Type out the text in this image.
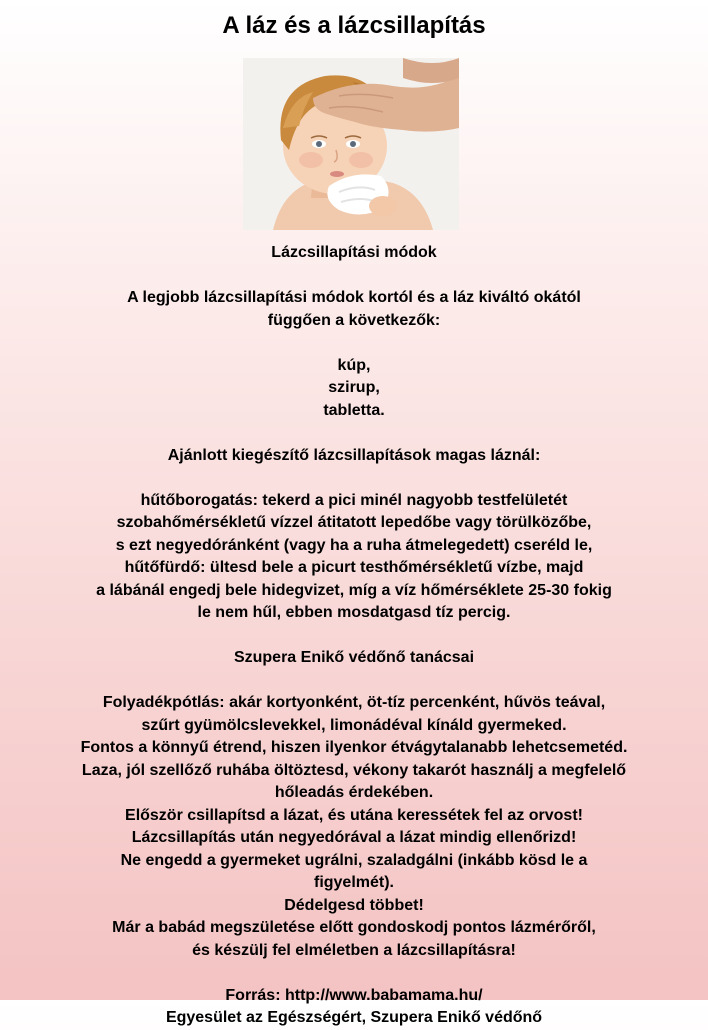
A láz és a lázcsillapítás
Lázcsillapítási módok
A legjobb lázcsillapítási módok kortól és a láz kiváltó okától
függően a következők:
kúp,
szirup,
tabletta.
Ajánlott kiegészítő lázcsillapítások magas láznál:
hűtőborogatás: tekerd a pici minél nagyobb testfelületét
szobahőmérsékletű vízzel átitatott lepedőbe vagy törülközőbe,
s ezt negyedóránként (vagy ha a ruha átmelegedett) cseréld le,
hűtőfürdő: ültesd bele a picurt testhőmérsékletű vízbe, majd
a lábánál engedj bele hidegvizet, míg a víz hőmérséklete 25-30 fokig
le nem hűl, ebben mosdatgasd tíz percig.
Szupera Enikő védőnő tanácsai
Folyadékpótlás: akár kortyonként, öt-tíz percenként, hűvös teával,
szűrt gyümölcslevekkel, limonádéval kínáld gyermeked.
Fontos a könnyű étrend, hiszen ilyenkor étvágytalanabb lehetcsemetéd.
Laza, jól szellőző ruhába öltöztesd, vékony takarót használj a megfelelő
hőleadás érdekében.
Először csillapítsd a lázat, és utána keressétek fel az orvost!
Lázcsillapítás után negyedórával a lázat mindig ellenőrizd!
Ne engedd a gyermeket ugrálni, szaladgálni (inkább kösd le a
figyelmét).
Dédelgesd többet!
Már a babád megszületése előtt gondoskodj pontos lázmérőről,
és készülj fel elméletben a lázcsillapításra!
Forrás: http://www.babamama.hu/
Egyesület az Egészségért, Szupera Enikő védőnő
